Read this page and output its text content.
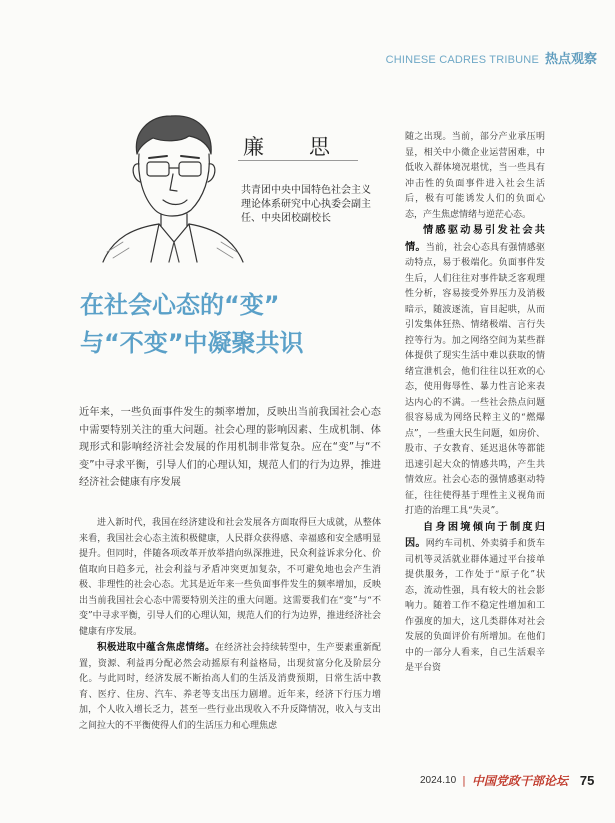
CHINESE CADRES TRIBUNE 热点观察
廉　思
共青团中央中国特色社会主义理论体系研究中心执委会副主任、中央团校副校长
在社会心态的“变”
与“不变”中凝聚共识
近年来，一些负面事件发生的频率增加，反映出当前我国社会心态中需要特别关注的重大问题。社会心理的影响因素、生成机制、体现形式和影响经济社会发展的作用机制非常复杂。应在“变”与“不变”中寻求平衡，引导人们的心理认知，规范人们的行为边界，推进经济社会健康有序发展

进入新时代，我国在经济建设和社会发展各方面取得巨大成就，从整体来看，我国社会心态主流积极健康，人民群众获得感、幸福感和安全感明显提升。但同时，伴随各项改革开放举措向纵深推进，民众利益诉求分化、价值取向日趋多元，社会利益与矛盾冲突更加复杂，不可避免地也会产生消极、非理性的社会心态。尤其是近年来一些负面事件发生的频率增加，反映出当前我国社会心态中需要特别关注的重大问题。这需要我们在“变”与“不变”中寻求平衡，引导人们的心理认知，规范人们的行为边界，推进经济社会健康有序发展。

积极进取中蕴含焦虑情绪。在经济社会持续转型中，生产要素重新配置，资源、利益再分配必然会动摇原有利益格局，出现贫富分化及阶层分化。与此同时，经济发展不断抬高人们的生活及消费预期，日常生活中教育、医疗、住房、汽车、养老等支出压力剧增。近年来，经济下行压力增加，个人收入增长乏力，甚至一些行业出现收入不升反降情况，收入与支出之间拉大的不平衡使得人们的生活压力和心理焦虑

随之出现。当前，部分产业承压明显，相关中小微企业运营困难，中低收入群体境况堪忧，当一些具有冲击性的负面事件进入社会生活后，极有可能诱发人们的负面心态，产生焦虑情绪与逆茫心态。

情感驱动易引发社会共情。当前，社会心态具有强情感驱动特点，易于极端化。负面事件发生后，人们往往对事件缺乏客观理性分析，容易接受外界压力及消极暗示，随波逐流，盲目起哄，从而引发集体狂热、情绪极端、言行失控等行为。加之网络空间为某些群体提供了现实生活中难以获取的情绪宣泄机会，他们往往以狂欢的心态，使用侮辱性、暴力性言论来表达内心的不满。一些社会热点问题很容易成为网络民粹主义的“燃爆点”，一些重大民生问题，如房价、股市、子女教育、延迟退休等都能迅速引起大众的情感共鸣，产生共情效应。社会心态的强情感驱动特征，往往使得基于理性主义视角而打造的治理工具“失灵”。

自身困境倾向于制度归因。网约车司机、外卖骑手和货车司机等灵活就业群体通过平台接单提供服务，工作处于“原子化”状态，流动性强，具有较大的社会影响力。随着工作不稳定性增加和工作强度的加大，这几类群体对社会发展的负面评价有所增加。在他们中的一部分人看来，自己生活艰辛是平台资

2024.10 | 中国党政干部论坛 75
